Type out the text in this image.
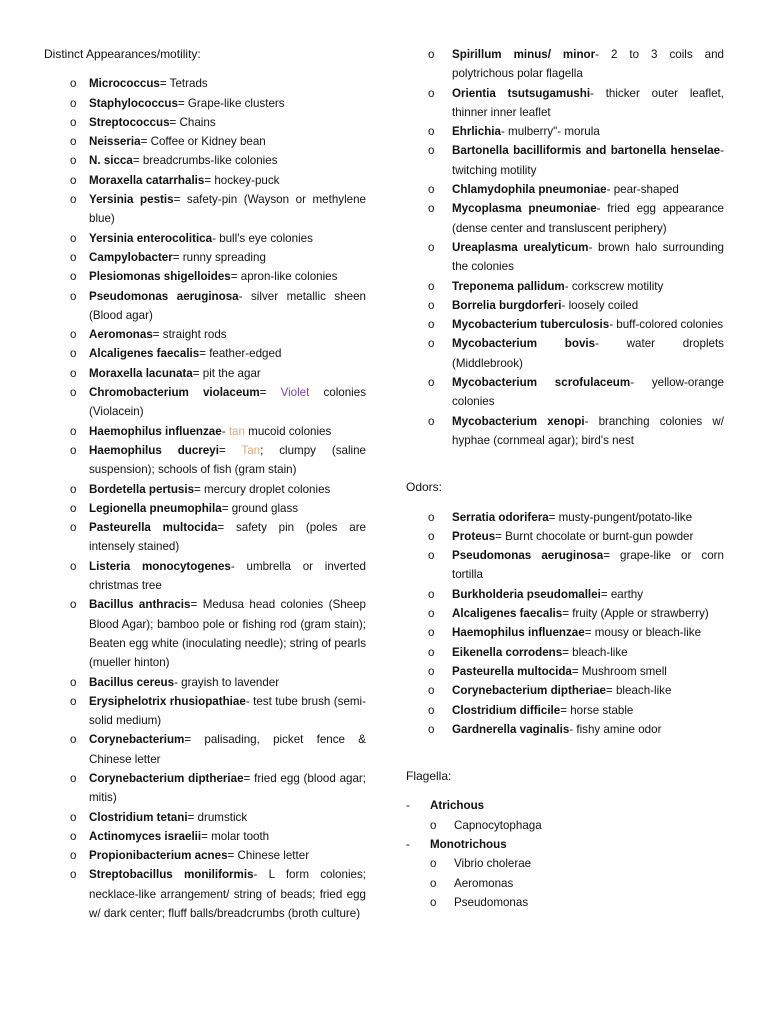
Distinct Appearances/motility:

o Micrococcus= Tetrads
o Staphylococcus= Grape-like clusters
o Streptococcus= Chains
o Neisseria= Coffee or Kidney bean
o N. sicca= breadcrumbs-like colonies
o Moraxella catarrhalis= hockey-puck
o Yersinia pestis= safety-pin (Wayson or methylene blue)
o Yersinia enterocolitica- bull's eye colonies
o Campylobacter= runny spreading
o Plesiomonas shigelloides= apron-like colonies
o Pseudomonas aeruginosa- silver metallic sheen (Blood agar)
o Aeromonas= straight rods
o Alcaligenes faecalis= feather-edged
o Moraxella lacunata= pit the agar
o Chromobacterium violaceum= Violet colonies (Violacein)
o Haemophilus influenzae- tan mucoid colonies
o Haemophilus ducreyi= Tan; clumpy (saline suspension); schools of fish (gram stain)
o Bordetella pertusis= mercury droplet colonies
o Legionella pneumophila= ground glass
o Pasteurella multocida= safety pin (poles are intensely stained)
o Listeria monocytogenes- umbrella or inverted christmas tree
o Bacillus anthracis= Medusa head colonies (Sheep Blood Agar); bamboo pole or fishing rod (gram stain); Beaten egg white (inoculating needle); string of pearls (mueller hinton)
o Bacillus cereus- grayish to lavender
o Erysiphelotrix rhusiopathiae- test tube brush (semi-solid medium)
o Corynebacterium= palisading, picket fence & Chinese letter
o Corynebacterium diptheriae= fried egg (blood agar; mitis)
o Clostridium tetani= drumstick
o Actinomyces israelii= molar tooth
o Propionibacterium acnes= Chinese letter
o Streptobacillus moniliformis- L form colonies; necklace-like arrangement/ string of beads; fried egg w/ dark center; fluff balls/breadcrumbs (broth culture)
o Spirillum minus/ minor- 2 to 3 coils and polytrichous polar flagella
o Orientia tsutsugamushi- thicker outer leaflet, thinner inner leaflet
o Ehrlichia- mulberry"- morula
o Bartonella bacilliformis and bartonella henselae- twitching motility
o Chlamydophila pneumoniae- pear-shaped
o Mycoplasma pneumoniae- fried egg appearance (dense center and transluscent periphery)
o Ureaplasma urealyticum- brown halo surrounding the colonies
o Treponema pallidum- corkscrew motility
o Borrelia burgdorferi- loosely coiled
o Mycobacterium tuberculosis- buff-colored colonies
o Mycobacterium bovis- water droplets (Middlebrook)
o Mycobacterium scrofulaceum- yellow-orange colonies
o Mycobacterium xenopi- branching colonies w/ hyphae (cornmeal agar); bird's nest

Odors:

o Serratia odorifera= musty-pungent/potato-like
o Proteus= Burnt chocolate or burnt-gun powder
o Pseudomonas aeruginosa= grape-like or corn tortilla
o Burkholderia pseudomallei= earthy
o Alcaligenes faecalis= fruity (Apple or strawberry)
o Haemophilus influenzae= mousy or bleach-like
o Eikenella corrodens= bleach-like
o Pasteurella multocida= Mushroom smell
o Corynebacterium diptheriae= bleach-like
o Clostridium difficile= horse stable
o Gardnerella vaginalis- fishy amine odor

Flagella:

- Atrichous
o Capnocytophaga
- Monotrichous
o Vibrio cholerae
o Aeromonas
o Pseudomonas
